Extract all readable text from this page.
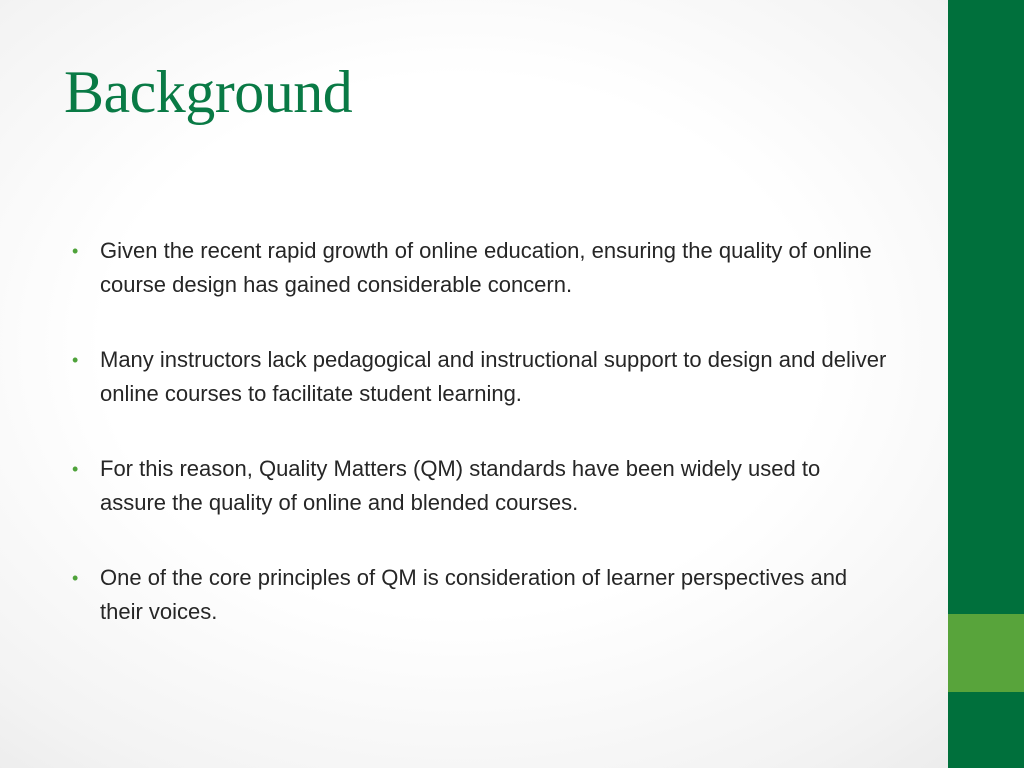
Background
• Given the recent rapid growth of online education, ensuring the quality of online course design has gained considerable concern.
• Many instructors lack pedagogical and instructional support to design and deliver online courses to facilitate student learning.
• For this reason, Quality Matters (QM) standards have been widely used to assure the quality of online and blended courses.
• One of the core principles of QM is consideration of learner perspectives and their voices.
